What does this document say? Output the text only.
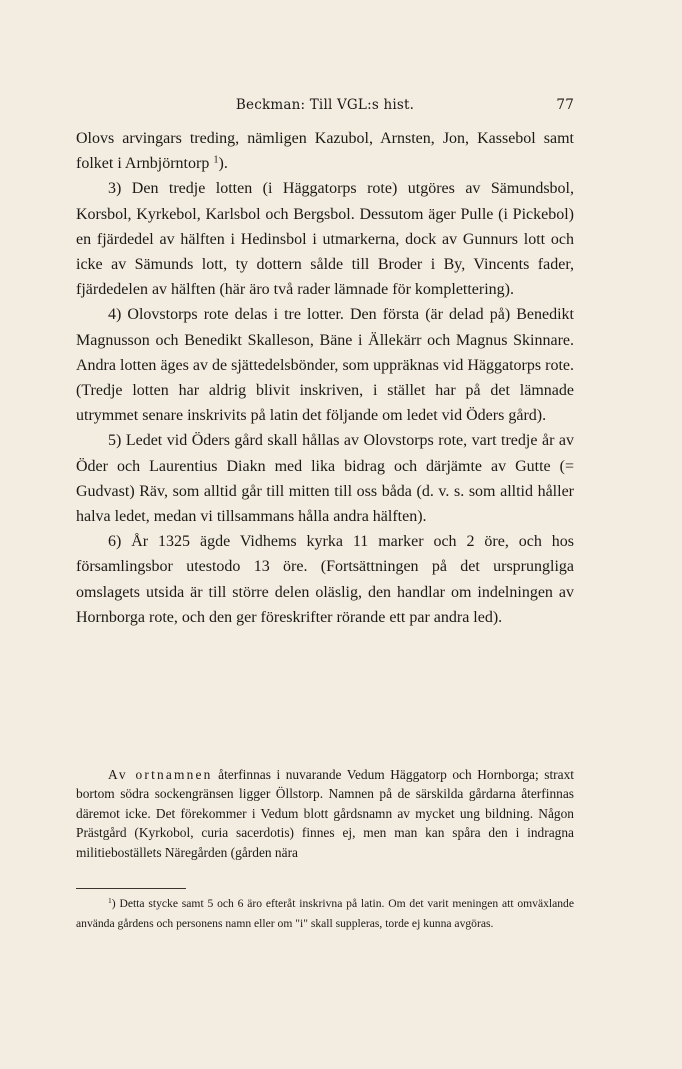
Beckman: Till VGL:s hist.	77

Olovs arvingars treding, nämligen Kazubol, Arnsten, Jon, Kassebol samt folket i Arnbjörntorp $^1$).

3) Den tredje lotten (i Häggatorps rote) utgöres av Sämundsbol, Korsbol, Kyrkebol, Karlsbol och Bergsbol. Dessutom äger Pulle (i Pickebol) en fjärdedel av hälften i Hedinsbol i utmarkerna, dock av Gunnurs lott och icke av Sämunds lott, ty dottern sålde till Broder i By, Vincents fader, fjärdedelen av hälften (här äro två rader lämnade för komplettering).

4) Olovstorps rote delas i tre lotter. Den första (är delad på) Benedikt Magnusson och Benedikt Skalleson, Bäne i Ällekärr och Magnus Skinnare. Andra lotten äges av de sjättedelsbönder, som uppräknas vid Häggatorps rote. (Tredje lotten har aldrig blivit inskriven, i stället har på det lämnade utrymmet senare inskrivits på latin det följande om ledet vid Öders gård).

5) Ledet vid Öders gård skall hållas av Olovstorps rote, vart tredje år av Öder och Laurentius Diakn med lika bidrag och därjämte av Gutte (= Gudvast) Räv, som alltid går till mitten till oss båda (d. v. s. som alltid håller halva ledet, medan vi tillsammans hålla andra hälften).

6) År 1325 ägde Vidhems kyrka 11 marker och 2 öre, och hos församlingsbor utestodo 13 öre. (Fortsättningen på det ursprungliga omslagets utsida är till större delen oläslig, den handlar om indelningen av Hornborga rote, och den ger föreskrifter rörande ett par andra led).

Av ortnamnen återfinnas i nuvarande Vedum Häggatorp och Hornborga; straxt bortom södra sockengränsen ligger Öllstorp. Namnen på de särskilda gårdarna återfinnas däremot icke. Det förekommer i Vedum blott gårdsnamn av mycket ung bildning. Någon Prästgård (Kyrkobol, curia sacerdotis) finnes ej, men man kan spåra den i indragna militieboställets Näregården (gården nära

$^1$) Detta stycke samt 5 och 6 äro efteråt inskrivna på latin. Om det varit meningen att omväxlande använda gårdens och personens namn eller om "i" skall suppleras, torde ej kunna avgöras.
